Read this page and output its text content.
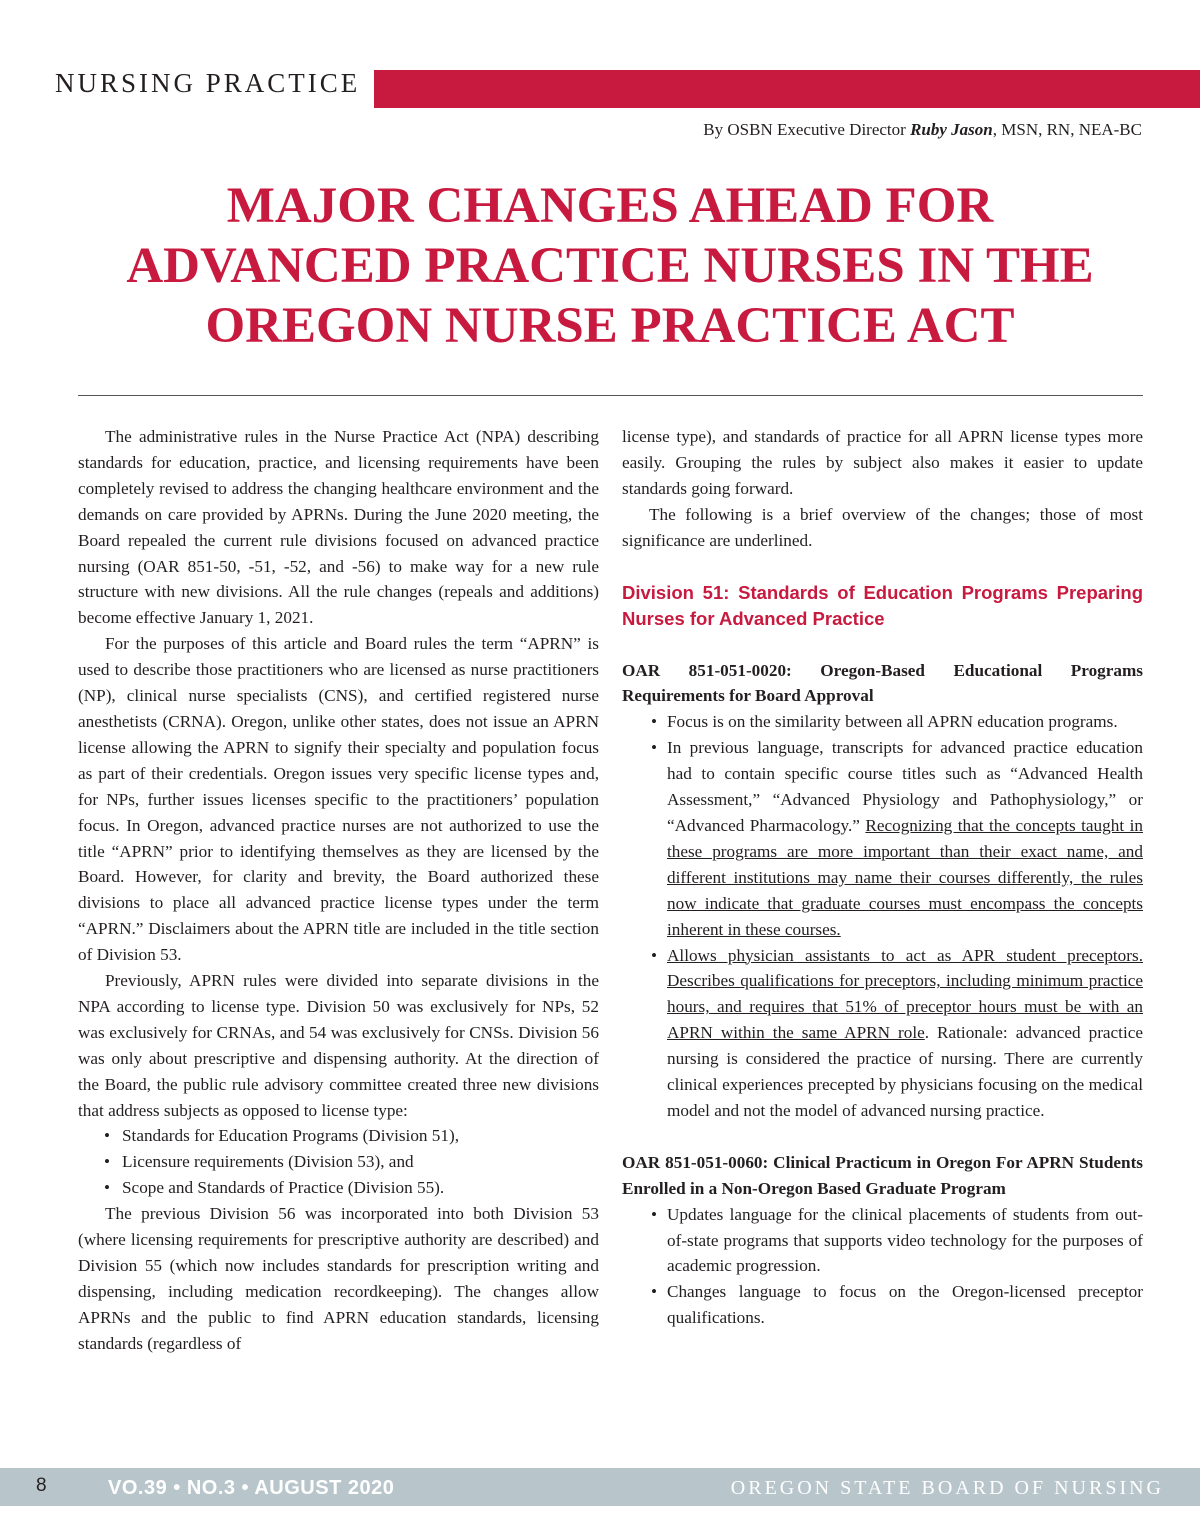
NURSING PRACTICE
By OSBN Executive Director Ruby Jason, MSN, RN, NEA-BC
MAJOR CHANGES AHEAD FOR
ADVANCED PRACTICE NURSES IN THE
OREGON NURSE PRACTICE ACT

The administrative rules in the Nurse Practice Act (NPA) describing standards for education, practice, and licensing requirements have been completely revised to address the changing healthcare environment and the demands on care provided by APRNs. During the June 2020 meeting, the Board repealed the current rule divisions focused on advanced practice nursing (OAR 851-50, -51, -52, and -56) to make way for a new rule structure with new divisions. All the rule changes (repeals and additions) become effective January 1, 2021.

For the purposes of this article and Board rules the term “APRN” is used to describe those practitioners who are licensed as nurse practitioners (NP), clinical nurse specialists (CNS), and certified registered nurse anesthetists (CRNA). Oregon, unlike other states, does not issue an APRN license allowing the APRN to signify their specialty and population focus as part of their credentials. Oregon issues very specific license types and, for NPs, further issues licenses specific to the practitioners’ population focus. In Oregon, advanced practice nurses are not authorized to use the title “APRN” prior to identifying themselves as they are licensed by the Board. However, for clarity and brevity, the Board authorized these divisions to place all advanced practice license types under the term “APRN.” Disclaimers about the APRN title are included in the title section of Division 53.

Previously, APRN rules were divided into separate divisions in the NPA according to license type. Division 50 was exclusively for NPs, 52 was exclusively for CRNAs, and 54 was exclusively for CNSs. Division 56 was only about prescriptive and dispensing authority. At the direction of the Board, the public rule advisory committee created three new divisions that address subjects as opposed to license type:

• Standards for Education Programs (Division 51),
• Licensure requirements (Division 53), and
• Scope and Standards of Practice (Division 55).

The previous Division 56 was incorporated into both Division 53 (where licensing requirements for prescriptive authority are described) and Division 55 (which now includes standards for prescription writing and dispensing, including medication recordkeeping). The changes allow APRNs and the public to find APRN education standards, licensing standards (regardless of

license type), and standards of practice for all APRN license types more easily. Grouping the rules by subject also makes it easier to update standards going forward.

The following is a brief overview of the changes; those of most significance are underlined.

Division 51: Standards of Education Programs Preparing Nurses for Advanced Practice
OAR 851-051-0020: Oregon-Based Educational Programs Requirements for Board Approval
• Focus is on the similarity between all APRN education programs.
• In previous language, transcripts for advanced practice education had to contain specific course titles such as “Advanced Health Assessment,” “Advanced Physiology and Pathophysiology,” or “Advanced Pharmacology.” Recognizing that the concepts taught in these programs are more important than their exact name, and different institutions may name their courses differently, the rules now indicate that graduate courses must encompass the concepts inherent in these courses.
• Allows physician assistants to act as APR student preceptors. Describes qualifications for preceptors, including minimum practice hours, and requires that 51% of preceptor hours must be with an APRN within the same APRN role. Rationale: advanced practice nursing is considered the practice of nursing. There are currently clinical experiences precepted by physicians focusing on the medical model and not the model of advanced nursing practice.
OAR 851-051-0060: Clinical Practicum in Oregon For APRN Students Enrolled in a Non-Oregon Based Graduate Program
• Updates language for the clinical placements of students from out-of-state programs that supports video technology for the purposes of academic progression.
• Changes language to focus on the Oregon-licensed preceptor qualifications.
8	VO.39 • NO.3 • AUGUST 2020	OREGON STATE BOARD OF NURSING
